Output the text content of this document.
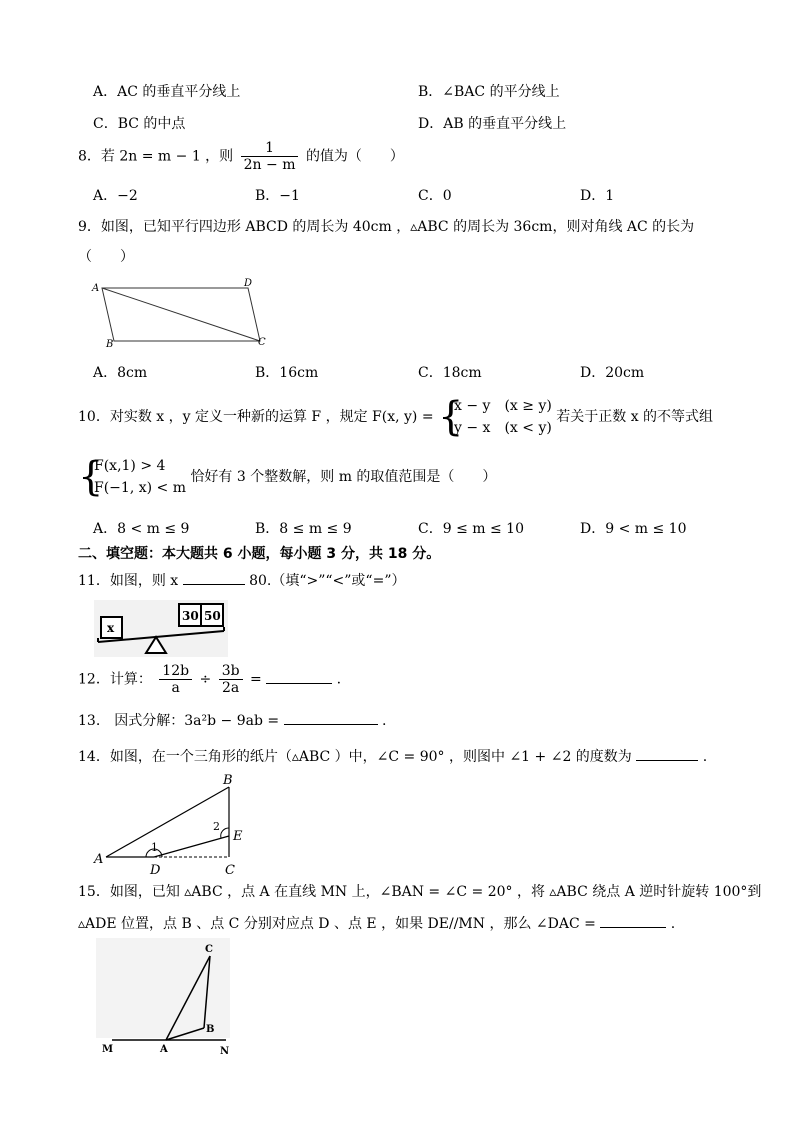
A．AC 的垂直平分线上	B．∠BAC 的平分线上
C．BC 的中点	D．AB 的垂直平分线上
8．若 2n = m − 1 ，则 $\frac{1}{2n - m}$ 的值为（　　）
A．−2	B．−1	C．0	D．1
9．如图，已知平行四边形 ABCD 的周长为 40cm ，▵ABC 的周长为 36cm，则对角线 AC 的长为
（　　）
A	D
B	C
A．8cm	B．16cm	C．18cm	D．20cm
10．对实数 x ，y 定义一种新的运算 F ，规定 F(x, y) = {
x − y　(x ≥ y)
y − x　(x < y)
若关于正数 x 的不等式组
{
F(x,1) > 4
F(−1, x) < m
恰好有 3 个整数解，则 m 的取值范围是（　　）
A．8 < m ≤ 9	B．8 ≤ m ≤ 9	C．9 ≤ m ≤ 10	D．9 < m ≤ 10
二、填空题：本大题共 6 小题，每小题 3 分，共 18 分。
11．如图，则 x	80.（填“>”“<”或“=”）
x
30 50
12．计算： $\frac{12b}{a} \div \frac{3b}{2a}$ =	.
13.　因式分解：3a²b − 9ab =	.
14．如图，在一个三角形的纸片（▵ABC ）中，∠C = 90° ，则图中 ∠1 + ∠2 的度数为	.
A
B
C
D
E
1
2
15．如图，已知 ▵ABC ，点 A 在直线 MN 上，∠BAN = ∠C = 20° ，将 ▵ABC 绕点 A 逆时针旋转 100°到
▵ADE 位置，点 B 、点 C 分别对应点 D 、点 E ，如果 DE//MN ，那么 ∠DAC =	.
M	A	N
B
C
